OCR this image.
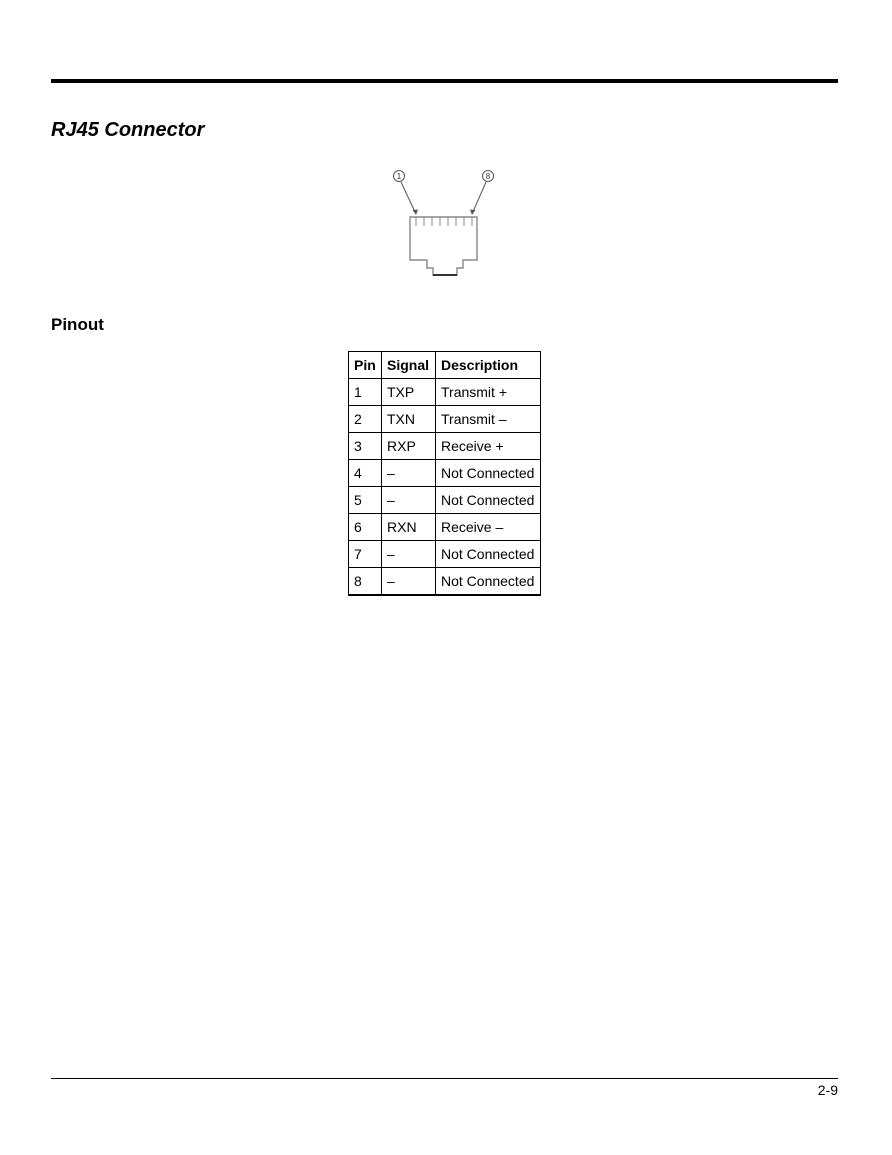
RJ45 Connector
1	8
Pinout
Pin	Signal	Description
1	TXP	Transmit +
2	TXN	Transmit –
3	RXP	Receive +
4	–	Not Connected
5	–	Not Connected
6	RXN	Receive –
7	–	Not Connected
8	–	Not Connected
2-9
